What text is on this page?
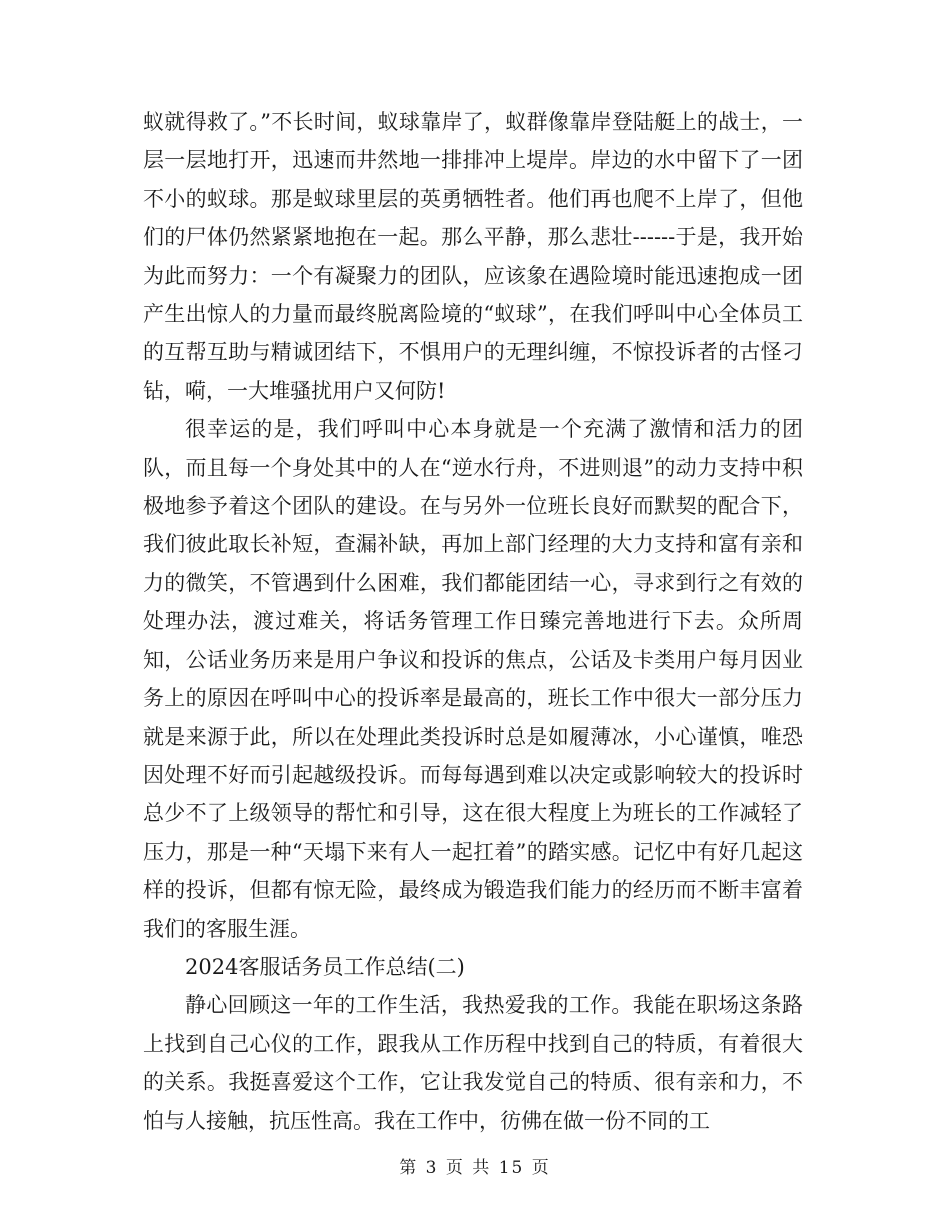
蚁就得救了。”不长时间，蚁球靠岸了，蚁群像靠岸登陆艇上的战士，一层一层地打开，迅速而井然地一排排冲上堤岸。岸边的水中留下了一团不小的蚁球。那是蚁球里层的英勇牺牲者。他们再也爬不上岸了，但他们的尸体仍然紧紧地抱在一起。那么平静，那么悲壮------于是，我开始为此而努力：一个有凝聚力的团队，应该象在遇险境时能迅速抱成一团产生出惊人的力量而最终脱离险境的“蚁球”，在我们呼叫中心全体员工的互帮互助与精诚团结下，不惧用户的无理纠缠，不惊投诉者的古怪刁钻，嗬，一大堆骚扰用户又何防!

很幸运的是，我们呼叫中心本身就是一个充满了激情和活力的团队，而且每一个身处其中的人在“逆水行舟，不进则退”的动力支持中积极地参予着这个团队的建设。在与另外一位班长良好而默契的配合下，我们彼此取长补短，查漏补缺，再加上部门经理的大力支持和富有亲和力的微笑，不管遇到什么困难，我们都能团结一心，寻求到行之有效的处理办法，渡过难关，将话务管理工作日臻完善地进行下去。众所周知，公话业务历来是用户争议和投诉的焦点，公话及卡类用户每月因业务上的原因在呼叫中心的投诉率是最高的，班长工作中很大一部分压力就是来源于此，所以在处理此类投诉时总是如履薄冰，小心谨慎，唯恐因处理不好而引起越级投诉。而每每遇到难以决定或影响较大的投诉时总少不了上级领导的帮忙和引导，这在很大程度上为班长的工作减轻了压力，那是一种“天塌下来有人一起扛着”的踏实感。记忆中有好几起这样的投诉，但都有惊无险，最终成为锻造我们能力的经历而不断丰富着我们的客服生涯。

2024客服话务员工作总结(二)

静心回顾这一年的工作生活，我热爱我的工作。我能在职场这条路上找到自己心仪的工作，跟我从工作历程中找到自己的特质，有着很大的关系。我挺喜爱这个工作，它让我发觉自己的特质、很有亲和力，不怕与人接触，抗压性高。我在工作中，彷佛在做一份不同的工

第 3 页 共 15 页
